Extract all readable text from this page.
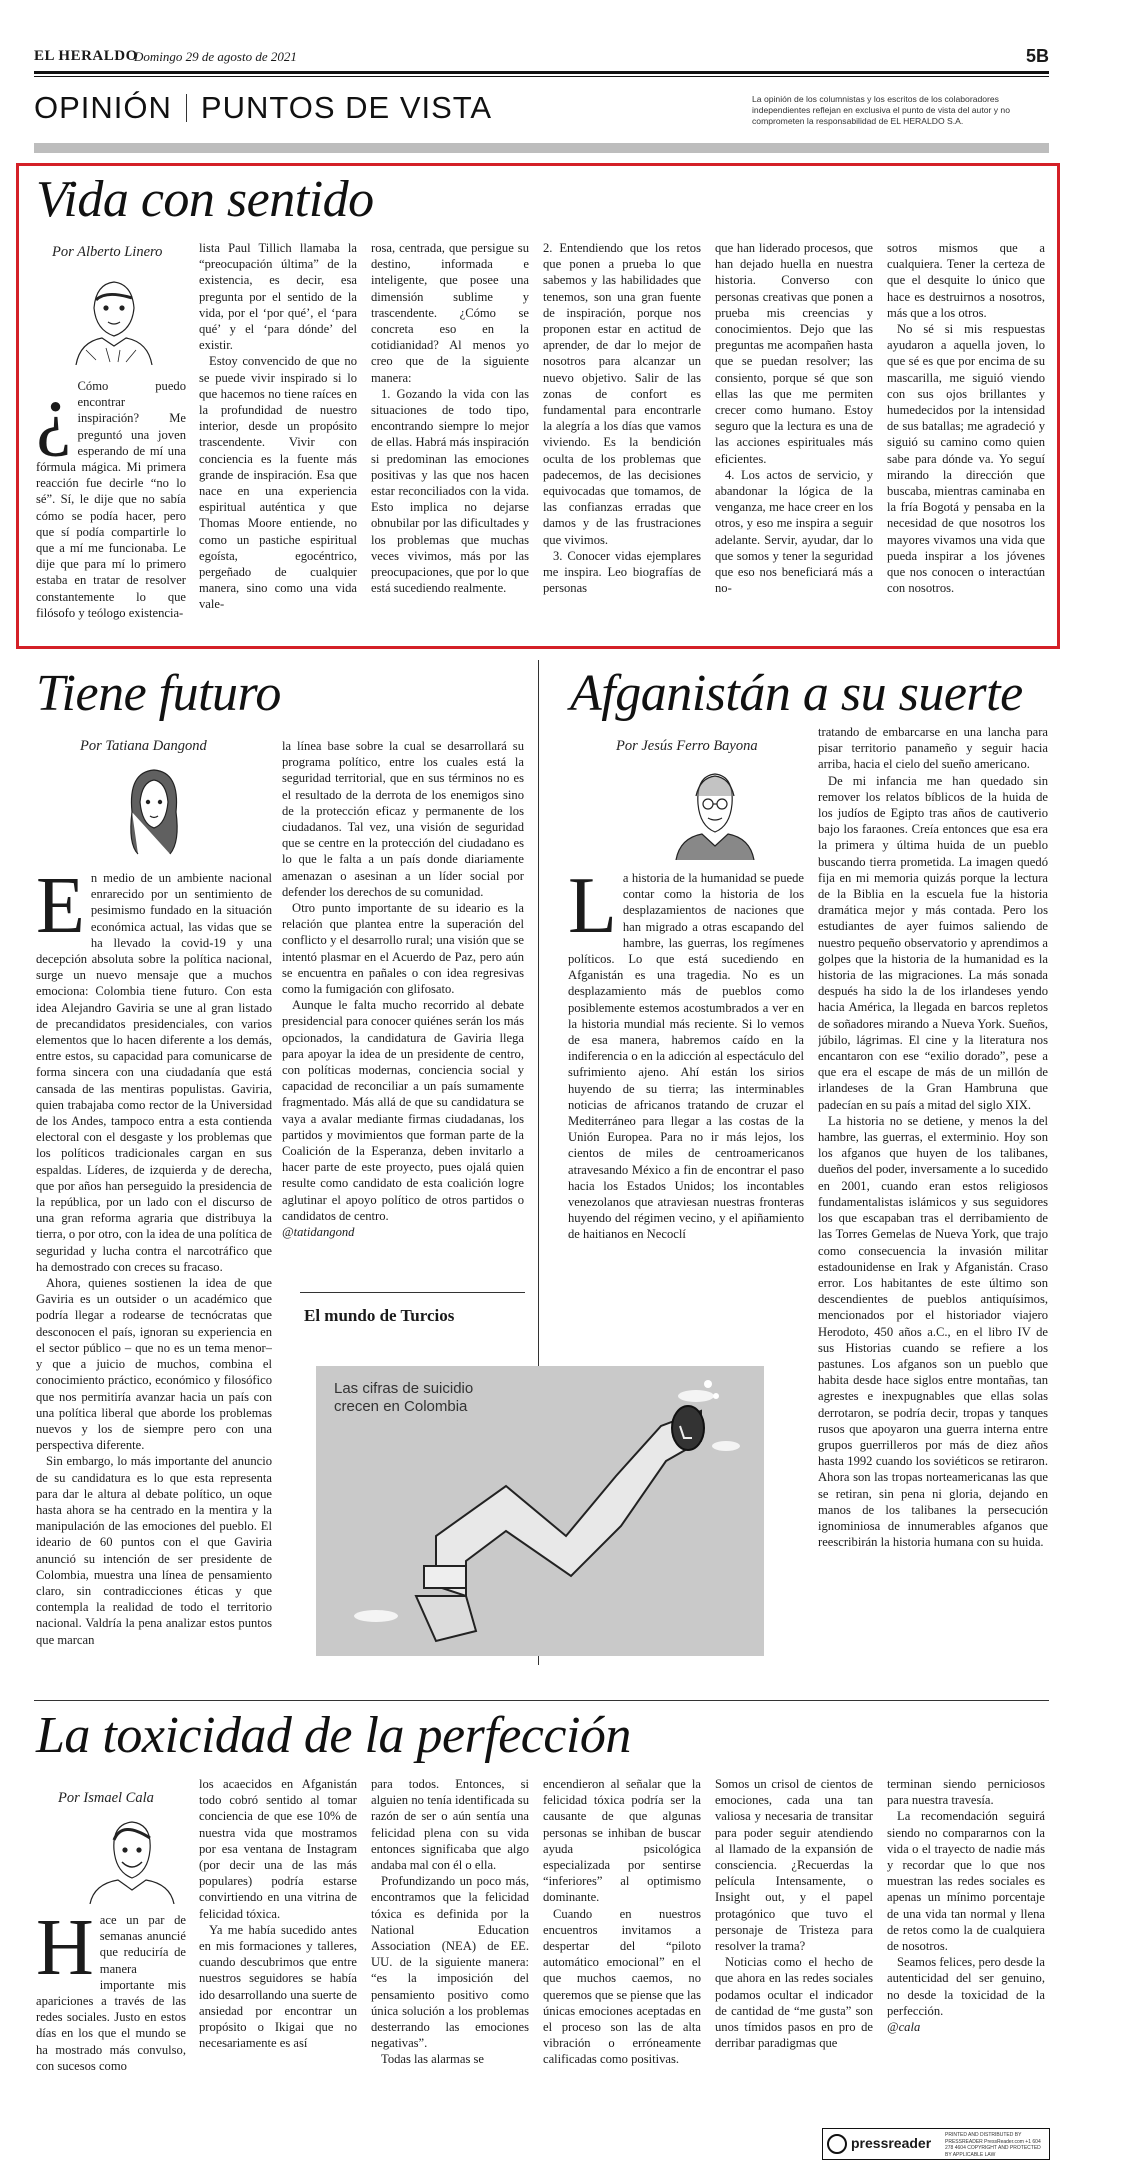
EL HERALDO
Domingo 29 de agosto de 2021	5B
OPINIÓN PUNTOS DE VISTA	La opinión de los columnistas y los escritos de los colaboradores independientes reflejan en exclusiva el punto de vista del autor y no comprometen la responsabilidad de EL HERALDO S.A.
Vida con sentido
Por Alberto Linero
¿ Cómo puedo encontrar inspiración? Me preguntó una joven esperando de mí una fórmula mágica. Mi primera reacción fue decirle “no lo sé”. Sí, le dije que no sabía cómo se podía hacer, pero que sí podía compartirle lo que a mí me funcionaba. Le dije que para mí lo primero estaba en tratar de resolver constantemente lo que filósofo y teólogo existencia-

lista Paul Tillich llamaba la “preocupación última” de la existencia, es decir, esa pregunta por el sentido de la vida, por el ‘por qué’, el ‘para qué’ y el ‘para dónde’ del existir.

Estoy convencido de que no se puede vivir inspirado si lo que hacemos no tiene raíces en la profundidad de nuestro interior, desde un propósito trascendente. Vivir con conciencia es la fuente más grande de inspiración. Esa que nace en una experiencia espiritual auténtica y que Thomas Moore entiende, no como un pastiche espiritual egoísta, egocéntrico, pergeñado de cualquier manera, sino como una vida vale-

rosa, centrada, que persigue su destino, informada e inteligente, que posee una dimensión sublime y trascendente. ¿Cómo se concreta eso en la cotidianidad? Al menos yo creo que de la siguiente manera:

1. Gozando la vida con las situaciones de todo tipo, encontrando siempre lo mejor de ellas. Habrá más inspiración si predominan las emociones positivas y las que nos hacen estar reconciliados con la vida. Esto implica no dejarse obnubilar por las dificultades y los problemas que muchas veces vivimos, más por las preocupaciones, que por lo que está sucediendo realmente.

2. Entendiendo que los retos que ponen a prueba lo que sabemos y las habilidades que tenemos, son una gran fuente de inspiración, porque nos proponen estar en actitud de aprender, de dar lo mejor de nosotros para alcanzar un nuevo objetivo. Salir de las zonas de confort es fundamental para encontrarle la alegría a los días que vamos viviendo. Es la bendición oculta de los problemas que padecemos, de las decisiones equivocadas que tomamos, de las confianzas erradas que damos y de las frustraciones que vivimos.

3. Conocer vidas ejemplares me inspira. Leo biografías de personas

que han liderado procesos, que han dejado huella en nuestra historia. Converso con personas creativas que ponen a prueba mis creencias y conocimientos. Dejo que las preguntas me acompañen hasta que se puedan resolver; las consiento, porque sé que son ellas las que me permiten crecer como humano. Estoy seguro que la lectura es una de las acciones espirituales más eficientes.

4. Los actos de servicio, y abandonar la lógica de la venganza, me hace creer en los otros, y eso me inspira a seguir adelante. Servir, ayudar, dar lo que somos y tener la seguridad que eso nos beneficiará más a no-

sotros mismos que a cualquiera. Tener la certeza de que el desquite lo único que hace es destruirnos a nosotros, más que a los otros.

No sé si mis respuestas ayudaron a aquella joven, lo que sé es que por encima de su mascarilla, me siguió viendo con sus ojos brillantes y humedecidos por la intensidad de sus batallas; me agradeció y siguió su camino como quien sabe para dónde va. Yo seguí mirando la dirección que buscaba, mientras caminaba en la fría Bogotá y pensaba en la necesidad de que nosotros los mayores vivamos una vida que pueda inspirar a los jóvenes que nos conocen o interactúan con nosotros.

Tiene futuro
Por Tatiana Dangond
En medio de un ambiente nacional enrarecido por un sentimiento de pesimismo fundado en la situación económica actual, las vidas que se ha llevado la covid-19 y una decepción absoluta sobre la política nacional, surge un nuevo mensaje que a muchos emociona: Colombia tiene futuro. Con esta idea Alejandro Gaviria se une al gran listado de precandidatos presidenciales, con varios elementos que lo hacen diferente a los demás, entre estos, su capacidad para comunicarse de forma sincera con una ciudadanía que está cansada de las mentiras populistas. Gaviria, quien trabajaba como rector de la Universidad de los Andes, tampoco entra a esta contienda electoral con el desgaste y los problemas que los políticos tradicionales cargan en sus espaldas. Líderes, de izquierda y de derecha, que por años han perseguido la presidencia de la república, por un lado con el discurso de una gran reforma agraria que distribuya la tierra, o por otro, con la idea de una política de seguridad y lucha contra el narcotráfico que ha demostrado con creces su fracaso.

Ahora, quienes sostienen la idea de que Gaviria es un outsider o un académico que podría llegar a rodearse de tecnócratas que desconocen el país, ignoran su experiencia en el sector público – que no es un tema menor– y que a juicio de muchos, combina el conocimiento práctico, económico y filosófico que nos permitiría avanzar hacia un país con una política liberal que aborde los problemas nuevos y los de siempre pero con una perspectiva diferente.

Sin embargo, lo más importante del anuncio de su candidatura es lo que esta representa para dar le altura al debate político, un oque hasta ahora se ha centrado en la mentira y la manipulación de las emociones del pueblo. El ideario de 60 puntos con el que Gaviria anunció su intención de ser presidente de Colombia, muestra una línea de pensamiento claro, sin contradicciones éticas y que contempla la realidad de todo el territorio nacional. Valdría la pena analizar estos puntos que marcan

la línea base sobre la cual se desarrollará su programa político, entre los cuales está la seguridad territorial, que en sus términos no es el resultado de la derrota de los enemigos sino de la protección eficaz y permanente de los ciudadanos. Tal vez, una visión de seguridad que se centre en la protección del ciudadano es lo que le falta a un país donde diariamente amenazan o asesinan a un líder social por defender los derechos de su comunidad.

Otro punto importante de su ideario es la relación que plantea entre la superación del conflicto y el desarrollo rural; una visión que se intentó plasmar en el Acuerdo de Paz, pero aún se encuentra en pañales o con idea regresivas como la fumigación con glifosato.

Aunque le falta mucho recorrido al debate presidencial para conocer quiénes serán los más opcionados, la candidatura de Gaviria llega para apoyar la idea de un presidente de centro, con políticas modernas, conciencia social y capacidad de reconciliar a un país sumamente fragmentado. Más allá de que su candidatura se vaya a avalar mediante firmas ciudadanas, los partidos y movimientos que forman parte de la Coalición de la Esperanza, deben invitarlo a hacer parte de este proyecto, pues ojalá quien resulte como candidato de esta coalición logre aglutinar el apoyo político de otros partidos o candidatos de centro.

@tatidangond

El mundo de Turcios
Las cifras de suicidio crecen en Colombia
Afganistán a su suerte
Por Jesús Ferro Bayona
La historia de la humanidad se puede contar como la historia de los desplazamientos de naciones que han migrado a otras escapando del hambre, las guerras, los regímenes políticos. Lo que está sucediendo en Afganistán es una tragedia. No es un desplazamiento más de pueblos como posiblemente estemos acostumbrados a ver en la historia mundial más reciente. Si lo vemos de esa manera, habremos caído en la indiferencia o en la adicción al espectáculo del sufrimiento ajeno. Ahí están los sirios huyendo de su tierra; las interminables noticias de africanos tratando de cruzar el Mediterráneo para llegar a las costas de la Unión Europea. Para no ir más lejos, los cientos de miles de centroamericanos atravesando México a fin de encontrar el paso hacia los Estados Unidos; los incontables venezolanos que atraviesan nuestras fronteras huyendo del régimen vecino, y el apiñamiento de haitianos en Necoclí

tratando de embarcarse en una lancha para pisar territorio panameño y seguir hacia arriba, hacia el cielo del sueño americano.

De mi infancia me han quedado sin remover los relatos bíblicos de la huida de los judíos de Egipto tras años de cautiverio bajo los faraones. Creía entonces que esa era la primera y última huida de un pueblo buscando tierra prometida. La imagen quedó fija en mi memoria quizás porque la lectura de la Biblia en la escuela fue la historia dramática mejor y más contada. Pero los estudiantes de ayer fuimos saliendo de nuestro pequeño observatorio y aprendimos a golpes que la historia de la humanidad es la historia de las migraciones. La más sonada después ha sido la de los irlandeses yendo hacia América, la llegada en barcos repletos de soñadores mirando a Nueva York. Sueños, júbilo, lágrimas. El cine y la literatura nos encantaron con ese “exilio dorado”, pese a que era el escape de más de un millón de irlandeses de la Gran Hambruna que padecían en su país a mitad del siglo XIX.

La historia no se detiene, y menos la del hambre, las guerras, el exterminio. Hoy son los afganos que huyen de los talibanes, dueños del poder, inversamente a lo sucedido en 2001, cuando eran estos religiosos fundamentalistas islámicos y sus seguidores los que escapaban tras el derribamiento de las Torres Gemelas de Nueva York, que trajo como consecuencia la invasión militar estadounidense en Irak y Afganistán. Craso error. Los habitantes de este último son descendientes de pueblos antiquísimos, mencionados por el historiador viajero Herodoto, 450 años a.C., en el libro IV de sus Historias cuando se refiere a los pastunes. Los afganos son un pueblo que habita desde hace siglos entre montañas, tan agrestes e inexpugnables que ellas solas derrotaron, se podría decir, tropas y tanques rusos que apoyaron una guerra interna entre grupos guerrilleros por más de diez años hasta 1992 cuando los soviéticos se retiraron. Ahora son las tropas norteamericanas las que se retiran, sin pena ni gloria, dejando en manos de los talibanes la persecución ignominiosa de innumerables afganos que reescribirán la historia humana con su huida.

La toxicidad de la perfección
Por Ismael Cala
Hace un par de semanas anuncié que reduciría de manera importante mis apariciones a través de las redes sociales. Justo en estos días en los que el mundo se ha mostrado más convulso, con sucesos como

los acaecidos en Afganistán todo cobró sentido al tomar conciencia de que ese 10% de nuestra vida que mostramos por esa ventana de Instagram (por decir una de las más populares) podría estarse convirtiendo en una vitrina de felicidad tóxica.

Ya me había sucedido antes en mis formaciones y talleres, cuando descubrimos que entre nuestros seguidores se había ido desarrollando una suerte de ansiedad por encontrar un propósito o Ikigai que no necesariamente es así

para todos. Entonces, si alguien no tenía identificada su razón de ser o aún sentía una felicidad plena con su vida entonces significaba que algo andaba mal con él o ella.

Profundizando un poco más, encontramos que la felicidad tóxica es definida por la National Education Association (NEA) de EE. UU. de la siguiente manera: “es la imposición del pensamiento positivo como única solución a los problemas desterrando las emociones negativas”.

Todas las alarmas se

encendieron al señalar que la felicidad tóxica podría ser la causante de que algunas personas se inhiban de buscar ayuda psicológica especializada por sentirse “inferiores” al optimismo dominante.

Cuando en nuestros encuentros invitamos a despertar del “piloto automático emocional” en el que muchos caemos, no queremos que se piense que las únicas emociones aceptadas en el proceso son las de alta vibración o erróneamente calificadas como positivas.

Somos un crisol de cientos de emociones, cada una tan valiosa y necesaria de transitar para poder seguir atendiendo al llamado de la expansión de consciencia. ¿Recuerdas la película Intensamente, o Insight out, y el papel protagónico que tuvo el personaje de Tristeza para resolver la trama?

Noticias como el hecho de que ahora en las redes sociales podamos ocultar el indicador de cantidad de “me gusta” son unos tímidos pasos en pro de derribar paradigmas que

terminan siendo perniciosos para nuestra travesía.

La recomendación seguirá siendo no compararnos con la vida o el trayecto de nadie más y recordar que lo que nos muestran las redes sociales es apenas un mínimo porcentaje de una vida tan normal y llena de retos como la de cualquiera de nosotros.

Seamos felices, pero desde la autenticidad del ser genuino, no desde la toxicidad de la perfección.

@cala

pressreader	PRINTED AND DISTRIBUTED BY PRESSREADER PressReader.com +1 604 278 4604 COPYRIGHT AND PROTECTED BY APPLICABLE LAW
